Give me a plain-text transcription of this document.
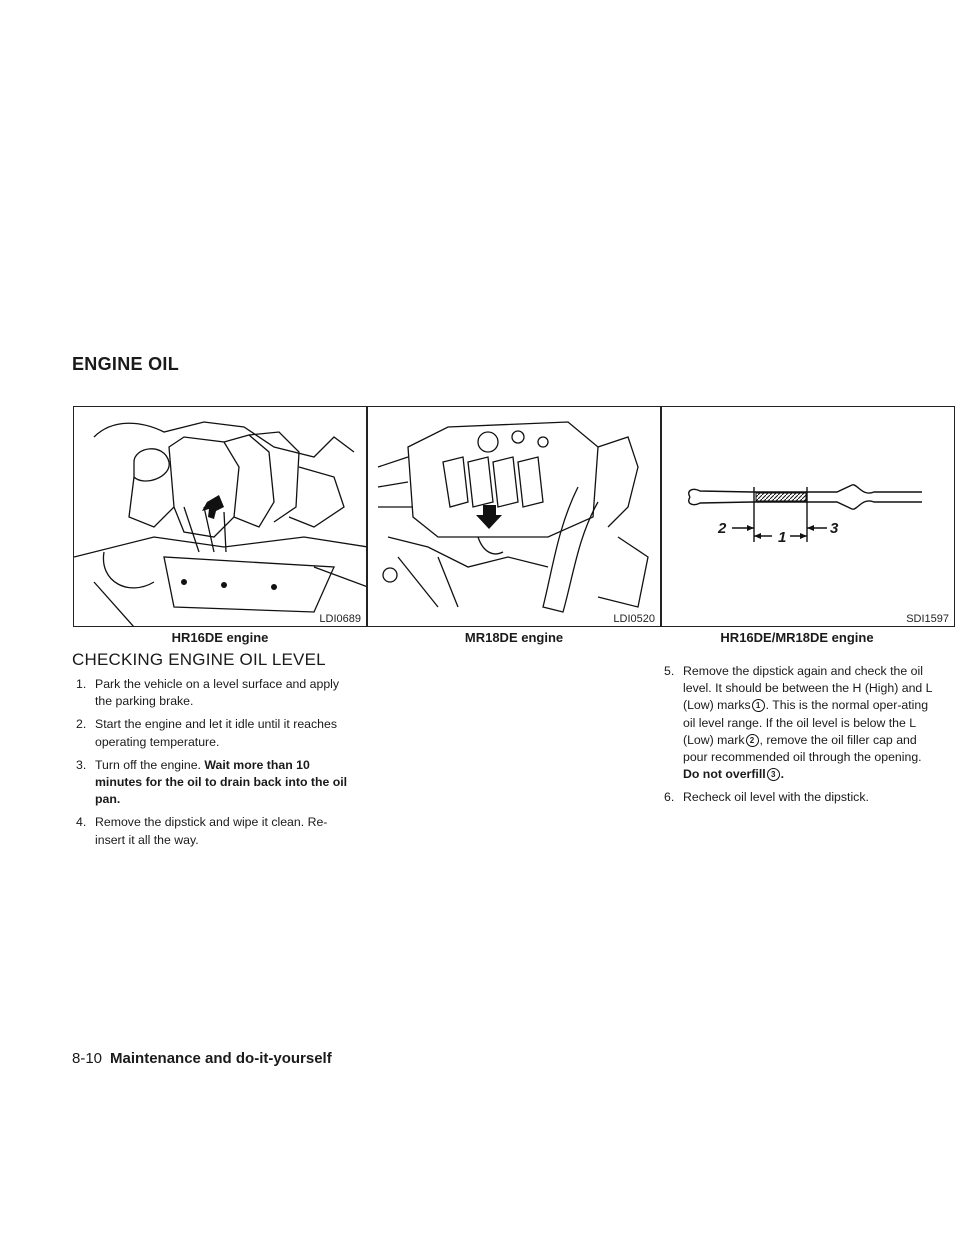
ENGINE OIL
LDI0689
HR16DE engine
LDI0520
MR18DE engine
1
2	3
SDI1597
HR16DE/MR18DE engine
CHECKING ENGINE OIL LEVEL
1. Park the vehicle on a level surface and apply the parking brake.
2. Start the engine and let it idle until it reaches operating temperature.
3. Turn off the engine. Wait more than 10 minutes for the oil to drain back into the oil pan.
4. Remove the dipstick and wipe it clean. Re-insert it all the way.
5. Remove the dipstick again and check the oil level. It should be between the H (High) and L (Low) marks 1 . This is the normal oper-ating oil level range. If the oil level is below the L (Low) mark 2 , remove the oil filler cap and pour recommended oil through the opening. Do not overfill 3 .
6. Recheck oil level with the dipstick.
8-10 Maintenance and do-it-yourself
